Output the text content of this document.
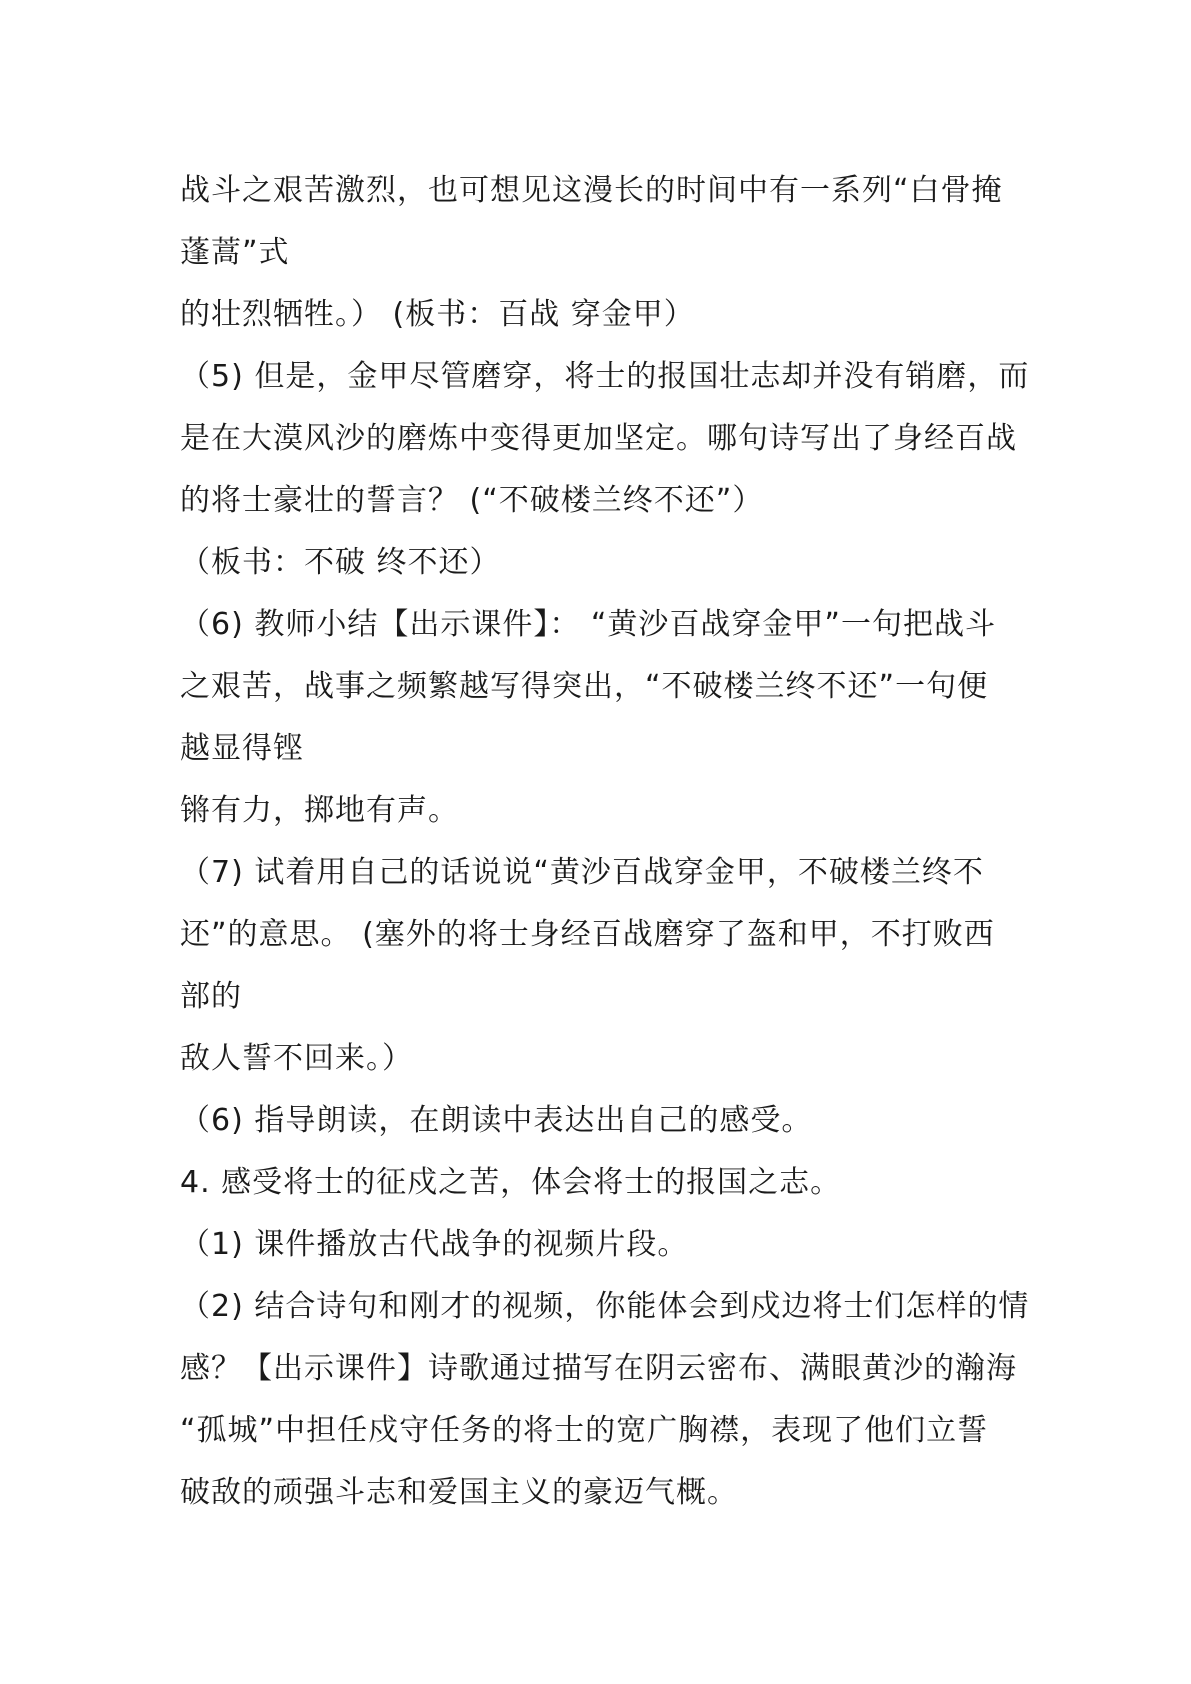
战斗之艰苦激烈，也可想见这漫长的时间中有一系列“白骨掩
蓬蒿”式
的壮烈牺牲。） (板书：百战 穿金甲）
（5) 但是，金甲尽管磨穿，将士的报国壮志却并没有销磨，而
是在大漠风沙的磨炼中变得更加坚定。哪句诗写出了身经百战
的将士豪壮的誓言？ (“不破楼兰终不还”）
（板书：不破 终不还）
（6) 教师小结【出示课件】： “黄沙百战穿金甲”一句把战斗
之艰苦，战事之频繁越写得突出，“不破楼兰终不还”一句便
越显得铿
锵有力，掷地有声。
（7) 试着用自己的话说说“黄沙百战穿金甲，不破楼兰终不
还”的意思。 (塞外的将士身经百战磨穿了盔和甲，不打败西
部的
敌人誓不回来。）
（6) 指导朗读，在朗读中表达出自己的感受。
4. 感受将士的征戍之苦，体会将士的报国之志。
（1) 课件播放古代战争的视频片段。
（2) 结合诗句和刚才的视频，你能体会到戍边将士们怎样的情
感？【出示课件】诗歌通过描写在阴云密布、满眼黄沙的瀚海
“孤城”中担任戍守任务的将士的宽广胸襟，表现了他们立誓
破敌的顽强斗志和爱国主义的豪迈气概。
